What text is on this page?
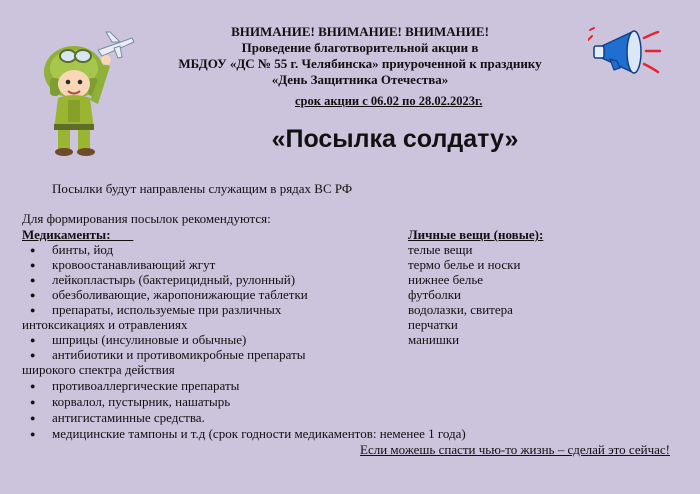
ВНИМАНИЕ! ВНИМАНИЕ! ВНИМАНИЕ!
Проведение благотворительной акции в
МБДОУ «ДС № 55 г. Челябинска» приуроченной к празднику
«День Защитника Отечества»
срок акции с 06.02 по 28.02.2023г.
«Посылка солдату»
Посылки будут направлены служащим в рядах ВС РФ
Для формирования посылок рекомендуются:
Медикаменты:	Личные вещи (новые):
● бинты, йод
● кровоостанавливающий жгут
● лейкопластырь (бактерицидный, рулонный)
● обезболивающие, жаропонижающие таблетки
● препараты, используемые при различных
интоксикациях и отравлениях
● шприцы (инсулиновые и обычные)
● антибиотики и противомикробные препараты
широкого спектра действия
● противоаллергические препараты
● корвалол, пустырник, нашатырь
● антигистаминные средства.
● медицинские тампоны и т.д (срок годности медикаментов: неменее 1 года)
телые вещи
термо белье и носки
нижнее белье
футболки
водолазки, свитера
перчатки
манишки
Если можешь спасти чью-то жизнь – сделай это сейчас!
